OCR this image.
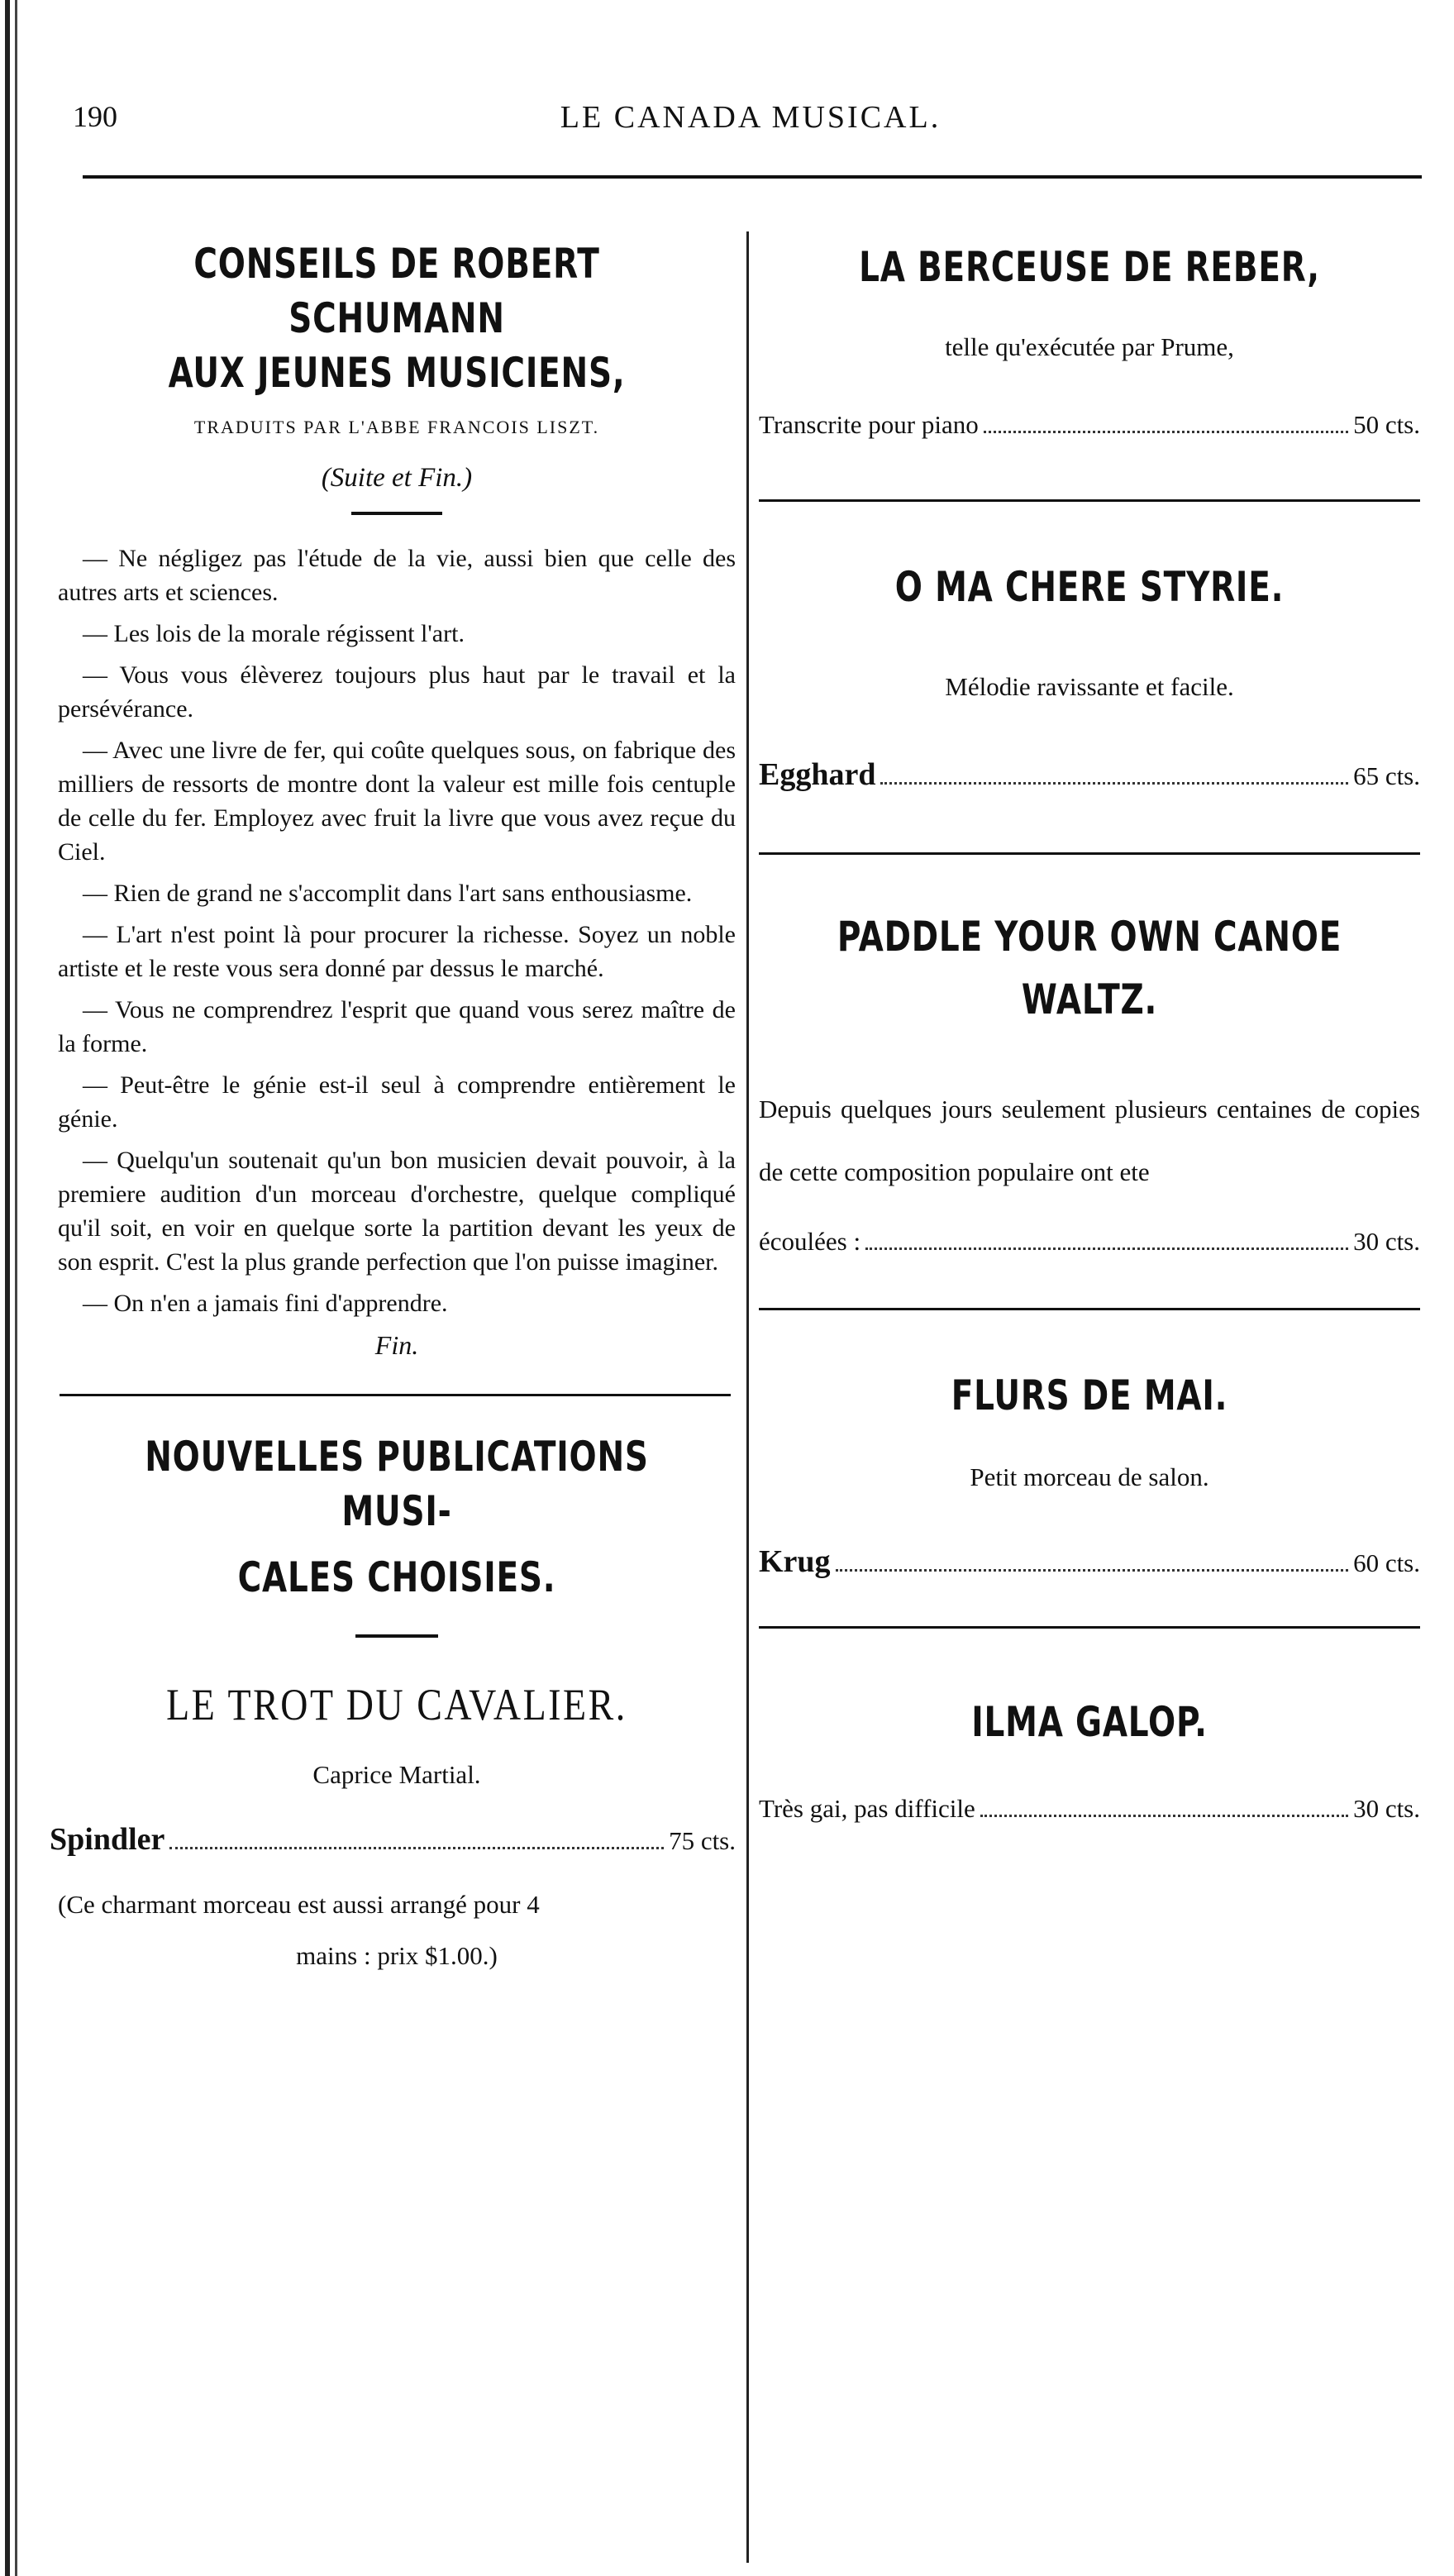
190	LE CANADA MUSICAL.
CONSEILS DE ROBERT SCHUMANN
AUX JEUNES MUSICIENS,
TRADUITS PAR L'ABBE FRANCOIS LISZT.
(Suite et Fin.)

— Ne négligez pas l'étude de la vie, aussi bien que celle des autres arts et sciences.

— Les lois de la morale régissent l'art.

— Vous vous élèverez toujours plus haut par le travail et la persévérance.

— Avec une livre de fer, qui coûte quelques sous, on fabrique des milliers de ressorts de montre dont la valeur est mille fois centuple de celle du fer. Employez avec fruit la livre que vous avez reçue du Ciel.

— Rien de grand ne s'accomplit dans l'art sans enthousiasme.

— L'art n'est point là pour procurer la richesse. Soyez un noble artiste et le reste vous sera donné par dessus le marché.

— Vous ne comprendrez l'esprit que quand vous serez maître de la forme.

— Peut-être le génie est-il seul à comprendre entièrement le génie.

— Quelqu'un soutenait qu'un bon musicien devait pouvoir, à la premiere audition d'un morceau d'orchestre, quelque compliqué qu'il soit, en voir en quelque sorte la partition devant les yeux de son esprit. C'est la plus grande perfection que l'on puisse imaginer.

— On n'en a jamais fini d'apprendre.

Fin.
NOUVELLES PUBLICATIONS MUSI-
CALES CHOISIES.
LE TROT DU CAVALIER.
Caprice Martial.
Spindler	75 cts.
(Ce charmant morceau est aussi arrangé pour 4
mains : prix $1.00.)
LA BERCEUSE DE REBER,
telle qu'exécutée par Prume,
Transcrite pour piano	50 cts.
O MA CHERE STYRIE.
Mélodie ravissante et facile.
Egghard	65 cts.
PADDLE YOUR OWN CANOE
WALTZ.
Depuis quelques jours seulement plusieurs centaines de copies de cette composition populaire ont ete
écoulées :	30 cts.
FLURS DE MAI.
Petit morceau de salon.
Krug	60 cts.
ILMA GALOP.
Très gai, pas difficile	30 cts.
